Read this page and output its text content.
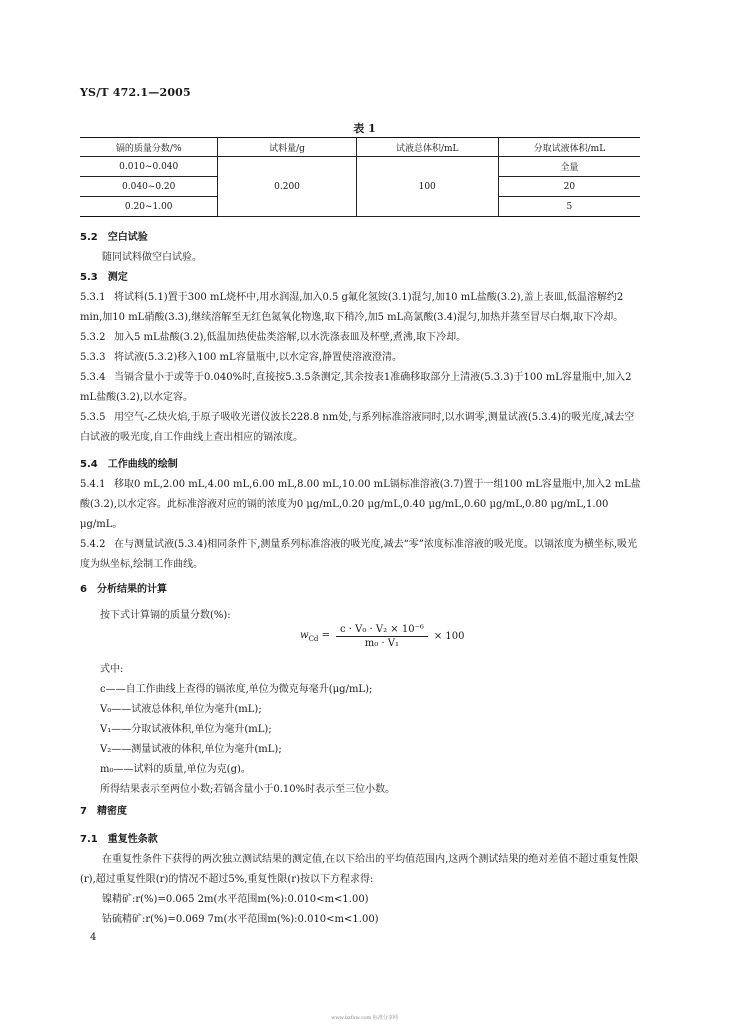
YS/T 472.1—2005
表 1
镉的质量分数/%	试料量/g	试液总体积/mL	分取试液体积/mL
0.010~0.040	0.200	100	全量
0.040~0.20			20
0.20~1.00			5

5.2　空白试验

随同试料做空白试验。

5.3　测定

5.3.1 将试料(5.1)置于300 mL烧杯中,用水润湿,加入0.5 g氟化氢铵(3.1)混匀,加10 mL盐酸(3.2),盖上表皿,低温溶解约2 min,加10 mL硝酸(3.3),继续溶解至无红色氮氧化物逸,取下稍冷,加5 mL高氯酸(3.4)混匀,加热并蒸至冒尽白烟,取下冷却。

5.3.2 加入5 mL盐酸(3.2),低温加热使盐类溶解,以水洗涤表皿及杯壁,煮沸,取下冷却。

5.3.3 将试液(5.3.2)移入100 mL容量瓶中,以水定容,静置使溶液澄清。

5.3.4 当镉含量小于或等于0.040%时,直接按5.3.5条测定,其余按表1准确移取部分上清液(5.3.3)于100 mL容量瓶中,加入2 mL盐酸(3.2),以水定容。

5.3.5 用空气-乙炔火焰,于原子吸收光谱仪波长228.8 nm处,与系列标准溶液同时,以水调零,测量试液(5.3.4)的吸光度,减去空白试液的吸光度,自工作曲线上查出相应的镉浓度。

5.4　工作曲线的绘制

5.4.1 移取0 mL,2.00 mL,4.00 mL,6.00 mL,8.00 mL,10.00 mL镉标准溶液(3.7)置于一组100 mL容量瓶中,加入2 mL盐酸(3.2),以水定容。此标准溶液对应的镉的浓度为0 μg/mL,0.20 μg/mL,0.40 μg/mL,0.60 μg/mL,0.80 μg/mL,1.00 μg/mL。

5.4.2 在与测量试液(5.3.4)相同条件下,测量系列标准溶液的吸光度,减去“零”浓度标准溶液的吸光度。以镉浓度为横坐标,吸光度为纵坐标,绘制工作曲线。

6　分析结果的计算

按下式计算镉的质量分数(%):

$w_{Cd} = \frac{\text{c · V₀ · V₂ × 10⁻⁶}}{\text{m₀ · V₁}} \times 100$

式中:

c——自工作曲线上查得的镉浓度,单位为微克每毫升(μg/mL);

V₀——试液总体积,单位为毫升(mL);

V₁——分取试液体积,单位为毫升(mL);

V₂——测量试液的体积,单位为毫升(mL);

m₀——试料的质量,单位为克(g)。

所得结果表示至两位小数;若镉含量小于0.10%时表示至三位小数。

7　精密度

7.1　重复性条款

在重复性条件下获得的两次独立测试结果的测定值,在以下给出的平均值范围内,这两个测试结果的绝对差值不超过重复性限(r),超过重复性限(r)的情况不超过5%,重复性限(r)按以下方程求得:

镍精矿:r(%)=0.065 2m(水平范围m(%):0.010<m<1.00)

钴硫精矿:r(%)=0.069 7m(水平范围m(%):0.010<m<1.00)

4
www.bzfxw.com 标准分享网
